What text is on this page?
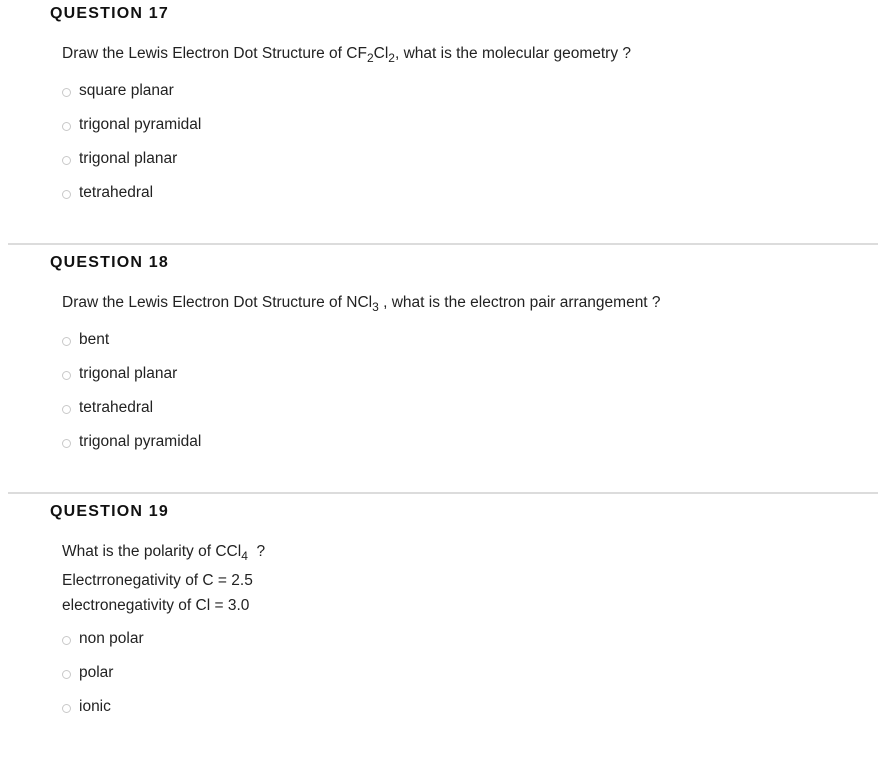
QUESTION 17
Draw the Lewis Electron Dot Structure of $CF_2Cl_2$, what is the molecular geometry ?
square planar
trigonal pyramidal
trigonal planar
tetrahedral
QUESTION 18
Draw the Lewis Electron Dot Structure of NCl$_3$ , what is the electron pair arrangement ?
bent
trigonal planar
tetrahedral
trigonal pyramidal
QUESTION 19
What is the polarity of CCl$_4$  ?
Electrronegativity of C = 2.5
electronegativity of Cl = 3.0
non polar
polar
ionic
